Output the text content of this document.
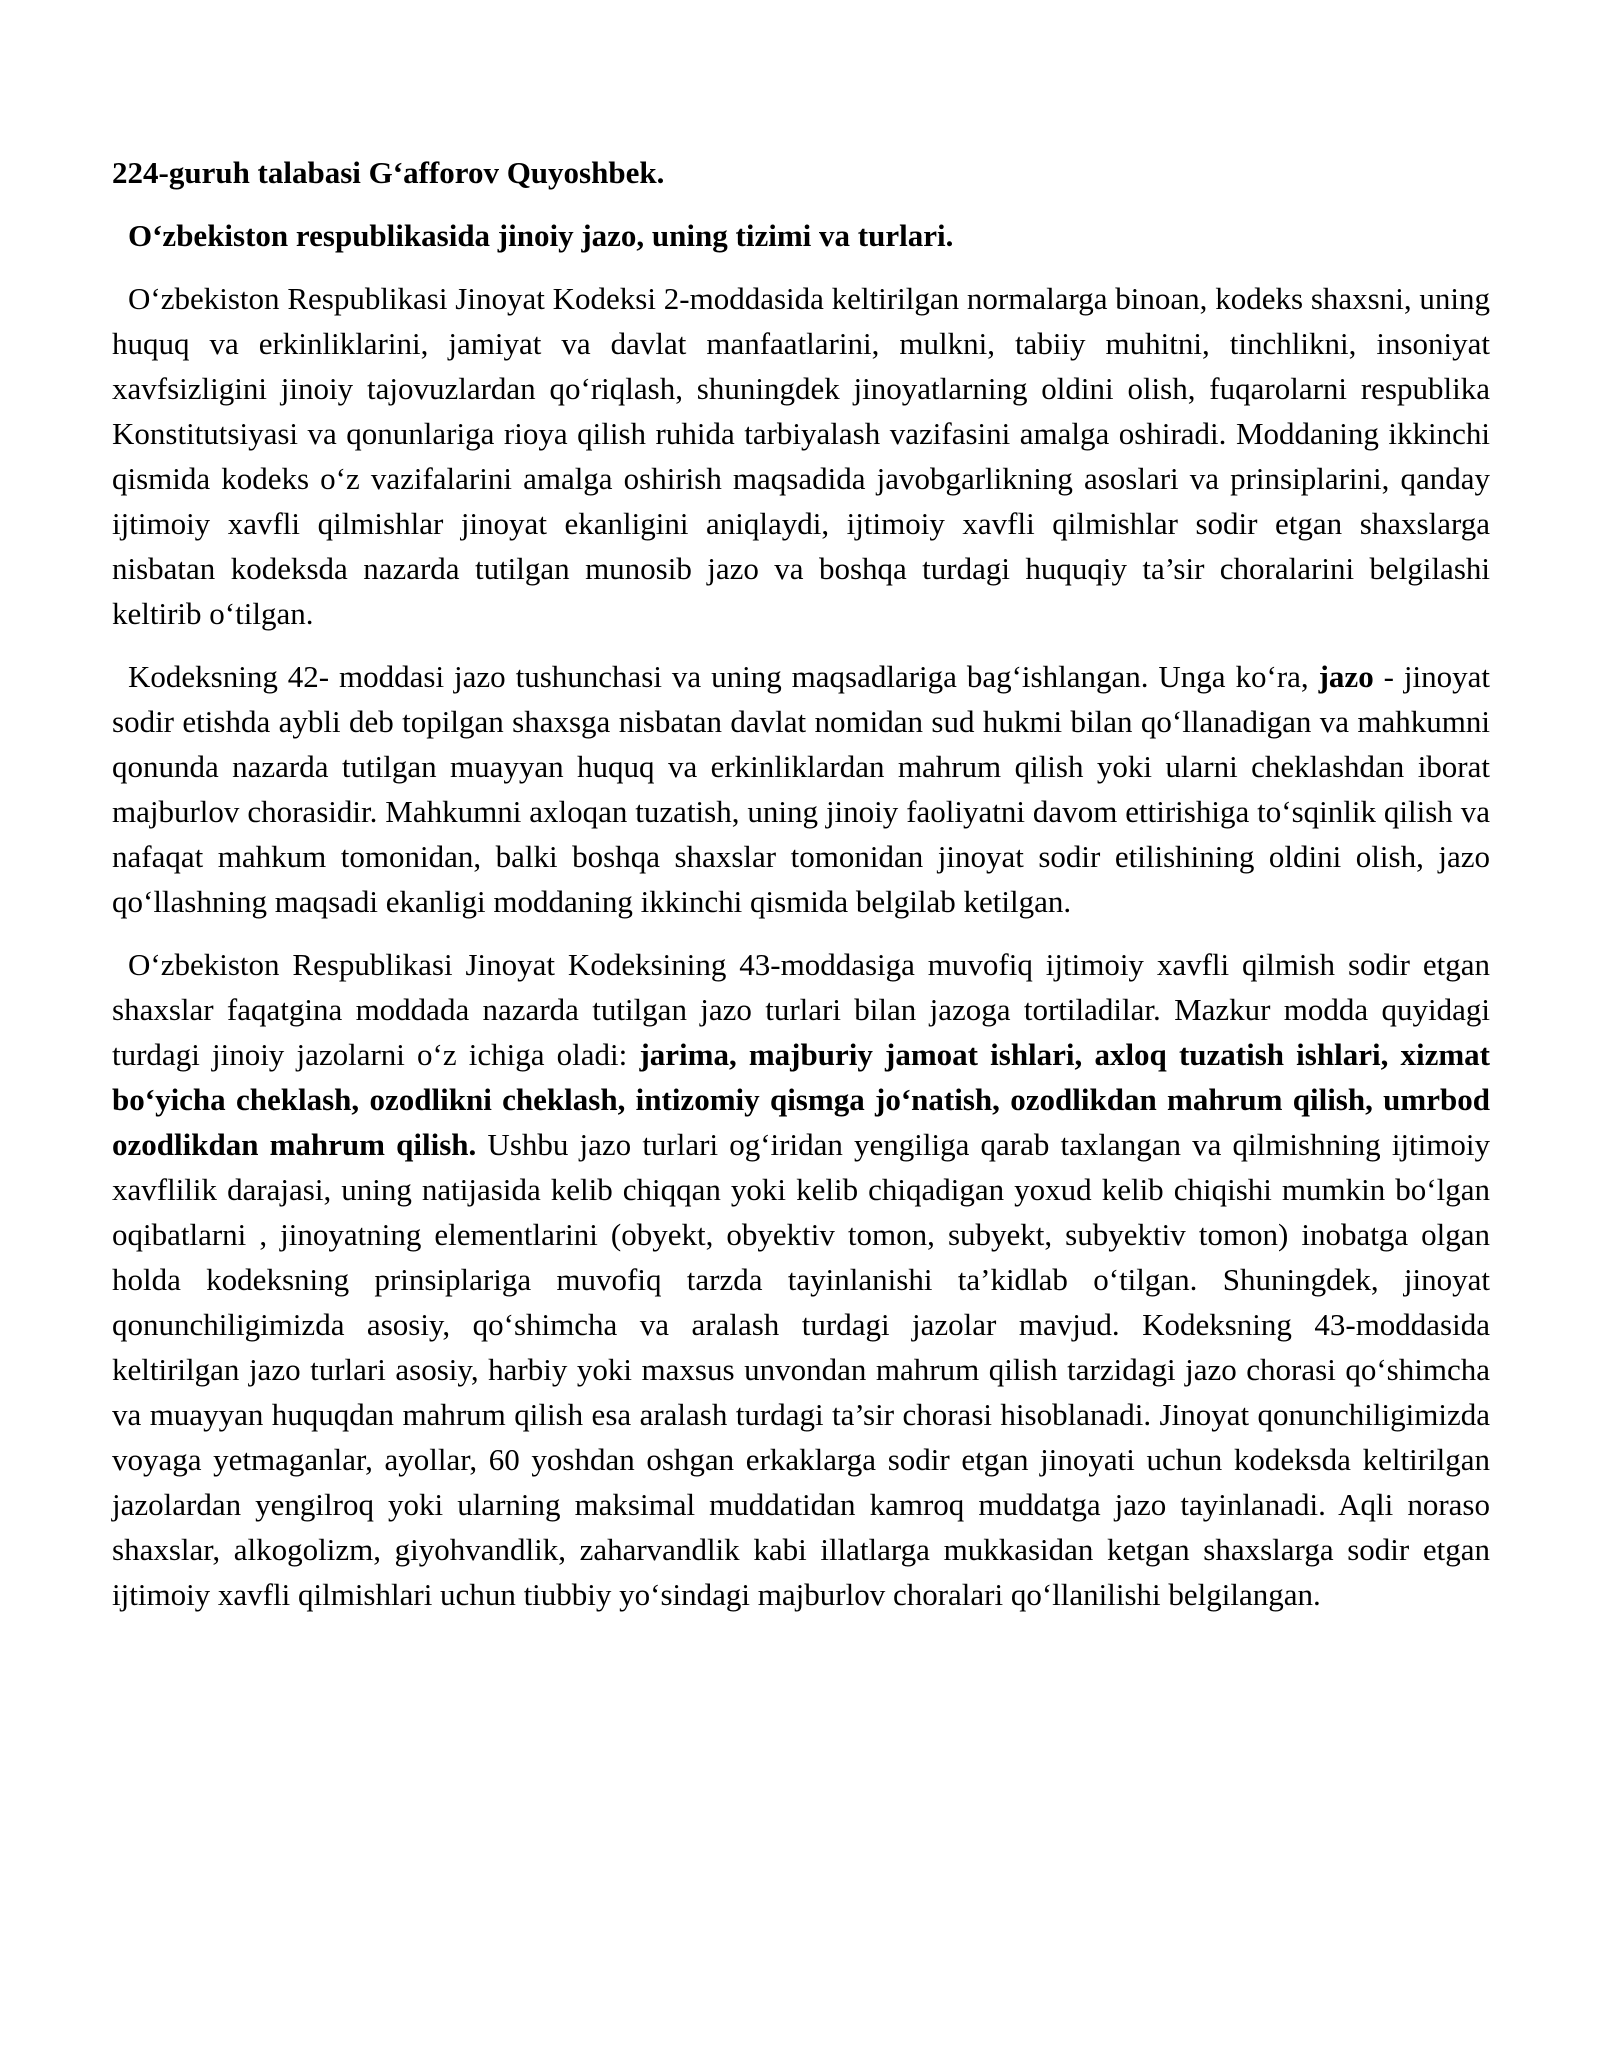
224-guruh talabasi G‘afforov Quyoshbek.

O‘zbekiston respublikasida jinoiy jazo, uning tizimi va turlari.

O‘zbekiston Respublikasi Jinoyat Kodeksi 2-moddasida keltirilgan normalarga binoan, kodeks shaxsni, uning huquq va erkinliklarini, jamiyat va davlat manfaatlarini, mulkni, tabiiy muhitni, tinchlikni, insoniyat xavfsizligini jinoiy tajovuzlardan qo‘riqlash, shuningdek jinoyatlarning oldini olish, fuqarolarni respublika Konstitutsiyasi va qonunlariga rioya qilish ruhida tarbiyalash vazifasini amalga oshiradi. Moddaning ikkinchi qismida kodeks o‘z vazifalarini amalga oshirish maqsadida javobgarlikning asoslari va prinsiplarini, qanday ijtimoiy xavfli qilmishlar jinoyat ekanligini aniqlaydi, ijtimoiy xavfli qilmishlar sodir etgan shaxslarga nisbatan kodeksda nazarda tutilgan munosib jazo va boshqa turdagi huquqiy ta’sir choralarini belgilashi keltirib o‘tilgan.

Kodeksning 42- moddasi jazo tushunchasi va uning maqsadlariga bag‘ishlangan. Unga ko‘ra, jazo - jinoyat sodir etishda aybli deb topilgan shaxsga nisbatan davlat nomidan sud hukmi bilan qo‘llanadigan va mahkumni qonunda nazarda tutilgan muayyan huquq va erkinliklardan mahrum qilish yoki ularni cheklashdan iborat majburlov chorasidir. Mahkumni axloqan tuzatish, uning jinoiy faoliyatni davom ettirishiga to‘sqinlik qilish va nafaqat mahkum tomonidan, balki boshqa shaxslar tomonidan jinoyat sodir etilishining oldini olish, jazo qo‘llashning maqsadi ekanligi moddaning ikkinchi qismida belgilab ketilgan.

O‘zbekiston Respublikasi Jinoyat Kodeksining 43-moddasiga muvofiq ijtimoiy xavfli qilmish sodir etgan shaxslar faqatgina moddada nazarda tutilgan jazo turlari bilan jazoga tortiladilar. Mazkur modda quyidagi turdagi jinoiy jazolarni o‘z ichiga oladi: jarima, majburiy jamoat ishlari, axloq tuzatish ishlari, xizmat bo‘yicha cheklash, ozodlikni cheklash, intizomiy qismga jo‘natish, ozodlikdan mahrum qilish, umrbod ozodlikdan mahrum qilish. Ushbu jazo turlari og‘iridan yengiligа qarab taxlangan va qilmishning ijtimoiy xavflilik darajasi, uning natijasida kelib chiqqan yoki kelib chiqadigan yoxud kelib chiqishi mumkin bo‘lgan oqibatlarni , jinoyatning elementlarini (obyekt, obyektiv tomon, subyekt, subyektiv tomon) inobatga olgan holda kodeksning prinsiplariga muvofiq tarzda tayinlanishi ta’kidlab o‘tilgan. Shuningdek, jinoyat qonunchiligimizda asosiy, qo‘shimcha va aralash turdagi jazolar mavjud. Kodeksning 43-moddasida keltirilgan jazo turlari asosiy, harbiy yoki maxsus unvondan mahrum qilish tarzidagi jazo chorasi qo‘shimcha va muayyan huquqdan mahrum qilish esa aralash turdagi ta’sir chorasi hisoblanadi. Jinoyat qonunchiligimizda voyaga yetmaganlar, ayollar, 60 yoshdan oshgan erkaklarga sodir etgan jinoyati uchun kodeksda keltirilgan jazolardan yengilroq yoki ularning maksimal muddatidan kamroq muddatga jazo tayinlanadi. Aqli noraso shaxslar, alkogolizm, giyohvandlik, zaharvandlik kabi illatlarga mukkasidan ketgan shaxslarga sodir etgan ijtimoiy xavfli qilmishlari uchun tiubbiy yo‘sindagi majburlov choralari qo‘llanilishi belgilangan.
